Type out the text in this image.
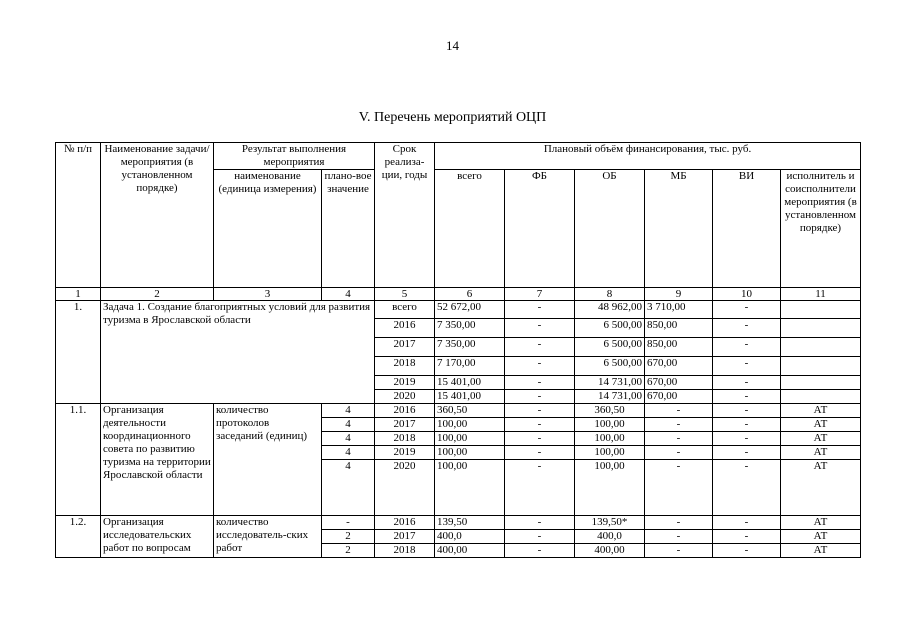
14
V. Перечень мероприятий ОЦП
№ п/п	Наименование задачи/ мероприятия (в установленном порядке)	Результат выполнения мероприятия		Срок реализа-ции, годы	Плановый объём финансирования, тыс. руб.					
		наименование (единица измерения)	плано-вое значение		всего	ФБ	ОБ	МБ	ВИ	исполнитель и соисполнители мероприятия (в установленном порядке)
1	2	3	4	5	6	7	8	9	10	11
1.	Задача 1. Создание благоприятных условий для развития туризма в Ярославской области			всего	52 672,00	-	48 962,00	3 710,00	-	
				2016	7 350,00	-	6 500,00	850,00	-	
				2017	7 350,00	-	6 500,00	850,00	-	
				2018	7 170,00	-	6 500,00	670,00	-	
				2019	15 401,00	-	14 731,00	670,00	-	
				2020	15 401,00	-	14 731,00	670,00	-	
1.1.	Организация деятельности координационного совета по развитию туризма на территории Ярославской области	количество протоколов заседаний (единиц)	4	2016	360,50	-	360,50	-	-	АТ
			4	2017	100,00	-	100,00	-	-	АТ
			4	2018	100,00	-	100,00	-	-	АТ
			4	2019	100,00	-	100,00	-	-	АТ
			4	2020	100,00	-	100,00	-	-	АТ
1.2.	Организация исследовательских работ по вопросам	количество исследователь-ских работ	-	2016	139,50	-	139,50*	-	-	АТ
			2	2017	400,0	-	400,0	-	-	АТ
			2	2018	400,00	-	400,00	-	-	АТ
